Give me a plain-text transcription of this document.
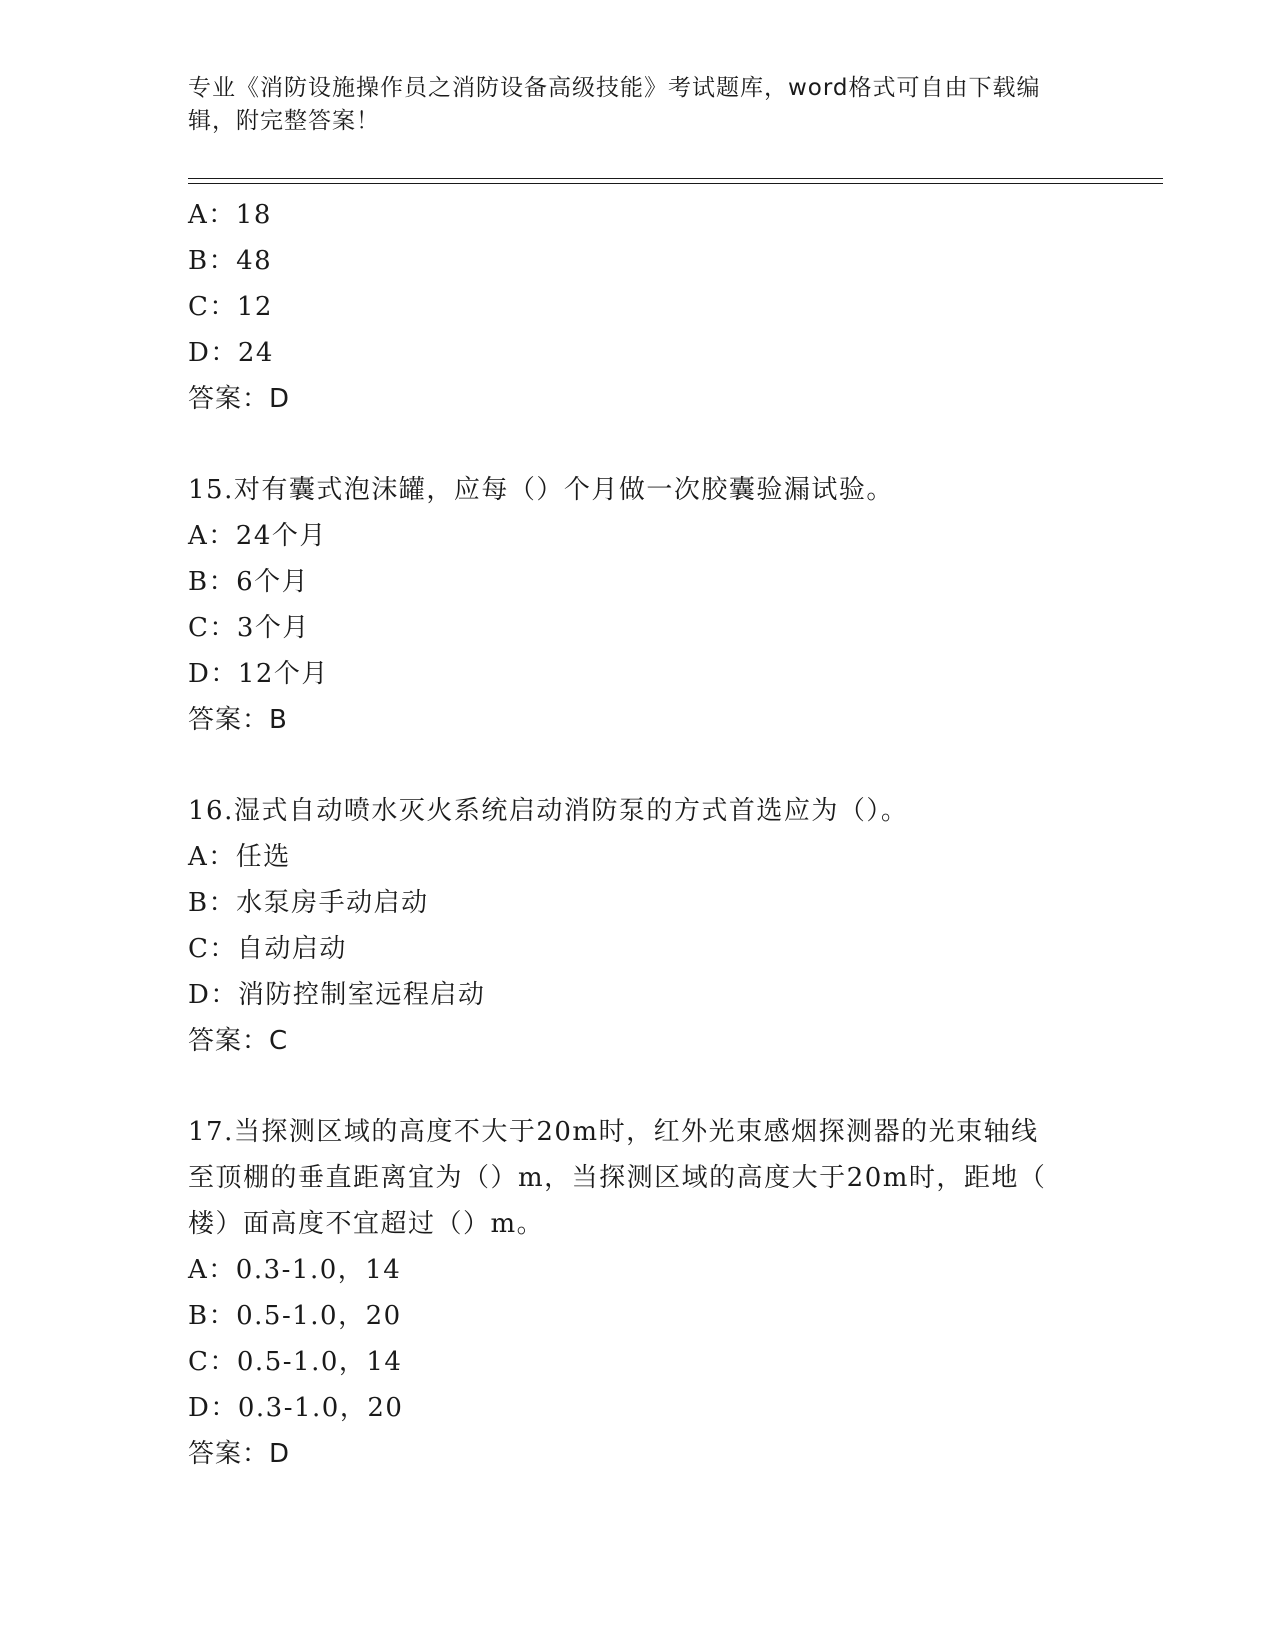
专业《消防设施操作员之消防设备高级技能》考试题库，word格式可自由下载编辑，附完整答案！
A：18
B：48
C：12
D：24
答案：D
15.对有囊式泡沫罐，应每（）个月做一次胶囊验漏试验。
A：24个月
B：6个月
C：3个月
D：12个月
答案：B
16.湿式自动喷水灭火系统启动消防泵的方式首选应为（）。
A：任选
B：水泵房手动启动
C：自动启动
D：消防控制室远程启动
答案：C
17.当探测区域的高度不大于20m时，红外光束感烟探测器的光束轴线
至顶棚的垂直距离宜为（）m，当探测区域的高度大于20m时，距地（
楼）面高度不宜超过（）m。
A：0.3-1.0，14
B：0.5-1.0，20
C：0.5-1.0，14
D：0.3-1.0，20
答案：D
